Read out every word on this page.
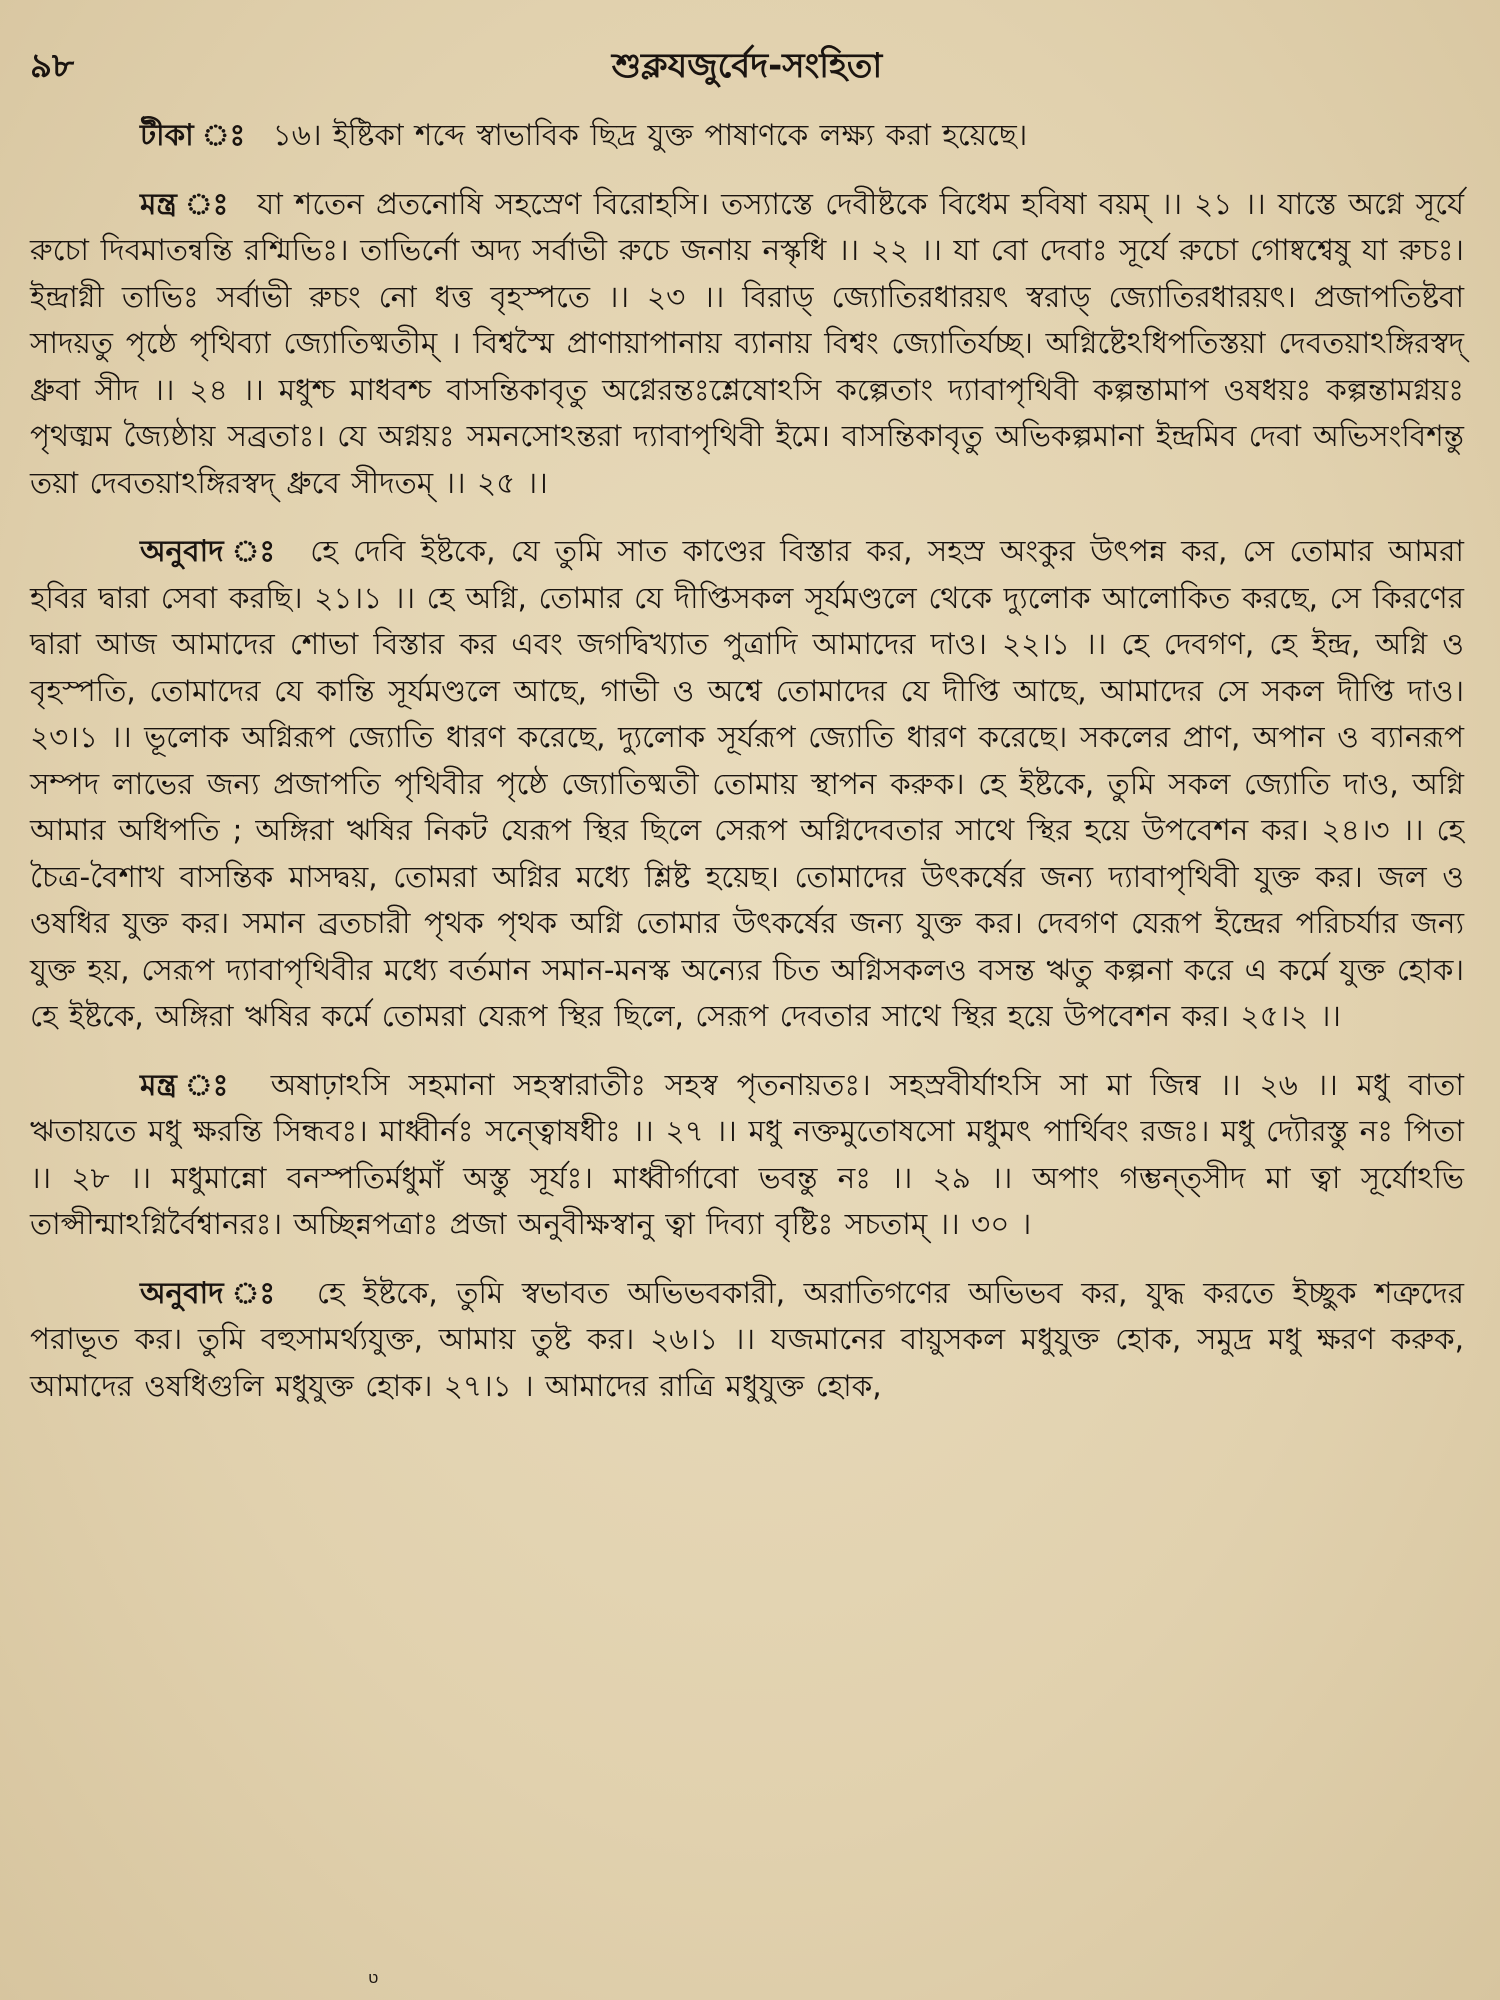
৯৮	শুক্লযজুর্বেদ-সংহিতা

টীকা ঃ ১৬। ইষ্টিকা শব্দে স্বাভাবিক ছিদ্র যুক্ত পাষাণকে লক্ষ্য করা হয়েছে।

মন্ত্র ঃ যা শতেন প্রতনোষি সহস্রেণ বিরোহসি। তস্যাস্তে দেবীষ্টকে বিধেম হবিষা বয়ম্ ।। ২১ ।। যাস্তে অগ্নে সূর্যে রুচো দিবমাতন্বন্তি রশ্মিভিঃ। তাভির্নো অদ্য সর্বাভী রুচে জনায় নস্কৃধি ।। ২২ ।। যা বো দেবাঃ সূর্যে রুচো গোষ্বশ্বেষু যা রুচঃ। ইন্দ্রাগ্নী তাভিঃ সর্বাভী রুচং নো ধত্ত বৃহস্পতে ।। ২৩ ।। বিরাড্ জ্যোতিরধারয়ৎ স্বরাড্ জ্যোতিরধারয়ৎ। প্রজাপতিষ্টবা সাদয়তু পৃষ্ঠে পৃথিব্যা জ্যোতিষ্মতীম্ । বিশ্বস্মৈ প্রাণায়াপানায় ব্যানায় বিশ্বং জ্যোতির্যচ্ছ। অগ্নিষ্টেঽধিপতিস্তয়া দেবতয়াঽঙ্গিরস্বদ্ ধ্রুবা সীদ ।। ২৪ ।। মধুশ্চ মাধবশ্চ বাসন্তিকাবৃতু অগ্নেরন্তঃশ্লেষোঽসি কল্পেতাং দ্যাবাপৃথিবী কল্পন্তামাপ ওষধয়ঃ কল্পন্তামগ্নয়ঃ পৃথঙ্মম জ্যৈষ্ঠায় সব্রতাঃ। যে অগ্নয়ঃ সমনসোঽন্তরা দ্যাবাপৃথিবী ইমে। বাসন্তিকাবৃতু অভিকল্পমানা ইন্দ্রমিব দেবা অভিসংবিশন্তু তয়া দেবতয়াঽঙ্গিরস্বদ্ ধ্রুবে সীদতম্ ।। ২৫ ।।

অনুবাদ ঃ হে দেবি ইষ্টকে, যে তুমি সাত কাণ্ডের বিস্তার কর, সহস্র অংকুর উৎপন্ন কর, সে তোমার আমরা হবির দ্বারা সেবা করছি। ২১।১ ।। হে অগ্নি, তোমার যে দীপ্তিসকল সূর্যমণ্ডলে থেকে দ্যুলোক আলোকিত করছে, সে কিরণের দ্বারা আজ আমাদের শোভা বিস্তার কর এবং জগদ্বিখ্যাত পুত্রাদি আমাদের দাও। ২২।১ ।। হে দেবগণ, হে ইন্দ্র, অগ্নি ও বৃহস্পতি, তোমাদের যে কান্তি সূর্যমণ্ডলে আছে, গাভী ও অশ্বে তোমাদের যে দীপ্তি আছে, আমাদের সে সকল দীপ্তি দাও। ২৩।১ ।। ভূলোক অগ্নিরূপ জ্যোতি ধারণ করেছে, দ্যুলোক সূর্যরূপ জ্যোতি ধারণ করেছে। সকলের প্রাণ, অপান ও ব্যানরূপ সম্পদ লাভের জন্য প্রজাপতি পৃথিবীর পৃষ্ঠে জ্যোতিষ্মতী তোমায় স্থাপন করুক। হে ইষ্টকে, তুমি সকল জ্যোতি দাও, অগ্নি আমার অধিপতি ; অঙ্গিরা ঋষির নিকট যেরূপ স্থির ছিলে সেরূপ অগ্নিদেবতার সাথে স্থির হয়ে উপবেশন কর। ২৪।৩ ।। হে চৈত্র-বৈশাখ বাসন্তিক মাসদ্বয়, তোমরা অগ্নির মধ্যে শ্লিষ্ট হয়েছ। তোমাদের উৎকর্ষের জন্য দ্যাবাপৃথিবী যুক্ত কর। জল ও ওষধির যুক্ত কর। সমান ব্রতচারী পৃথক পৃথক অগ্নি তোমার উৎকর্ষের জন্য যুক্ত কর। দেবগণ যেরূপ ইন্দ্রের পরিচর্যার জন্য যুক্ত হয়, সেরূপ দ্যাবাপৃথিবীর মধ্যে বর্তমান সমান-মনস্ক অন্যের চিত অগ্নিসকলও বসন্ত ঋতু কল্পনা করে এ কর্মে যুক্ত হোক। হে ইষ্টকে, অঙ্গিরা ঋষির কর্মে তোমরা যেরূপ স্থির ছিলে, সেরূপ দেবতার সাথে স্থির হয়ে উপবেশন কর। ২৫।২ ।।

মন্ত্র ঃ অষাঢ়াঽসি সহমানা সহস্বারাতীঃ সহস্ব পৃতনায়তঃ। সহস্রবীর্যাঽসি সা মা জিন্ব ।। ২৬ ।। মধু বাতা ঋতায়তে মধু ক্ষরন্তি সিন্ধবঃ। মাধ্বীর্নঃ সন্ত্বোষধীঃ ।। ২৭ ।। মধু নক্তমুতোষসো মধুমৎ পার্থিবং রজঃ। মধু দ্যৌরস্তু নঃ পিতা ।। ২৮ ।। মধুমান্নো বনস্পতির্মধুমাঁ অস্তু সূর্যঃ। মাধ্বীর্গাবো ভবন্তু নঃ ।। ২৯ ।। অপাং গম্ভন্ত্সীদ মা ত্বা সূর্যোঽভি তাপ্সীন্মাঽগ্নির্বৈশ্বানরঃ। অচ্ছিন্নপত্রাঃ প্রজা অনুবীক্ষস্বানু ত্বা দিব্যা বৃষ্টিঃ সচতাম্ ।। ৩০ ।

অনুবাদ ঃ হে ইষ্টকে, তুমি স্বভাবত অভিভবকারী, অরাতিগণের অভিভব কর, যুদ্ধ করতে ইচ্ছুক শত্রুদের পরাভূত কর। তুমি বহুসামর্থ্যযুক্ত, আমায় তুষ্ট কর। ২৬।১ ।। যজমানের বায়ুসকল মধুযুক্ত হোক, সমুদ্র মধু ক্ষরণ করুক, আমাদের ওষধিগুলি মধুযুক্ত হোক। ২৭।১ । আমাদের রাত্রি মধুযুক্ত হোক,

ט
